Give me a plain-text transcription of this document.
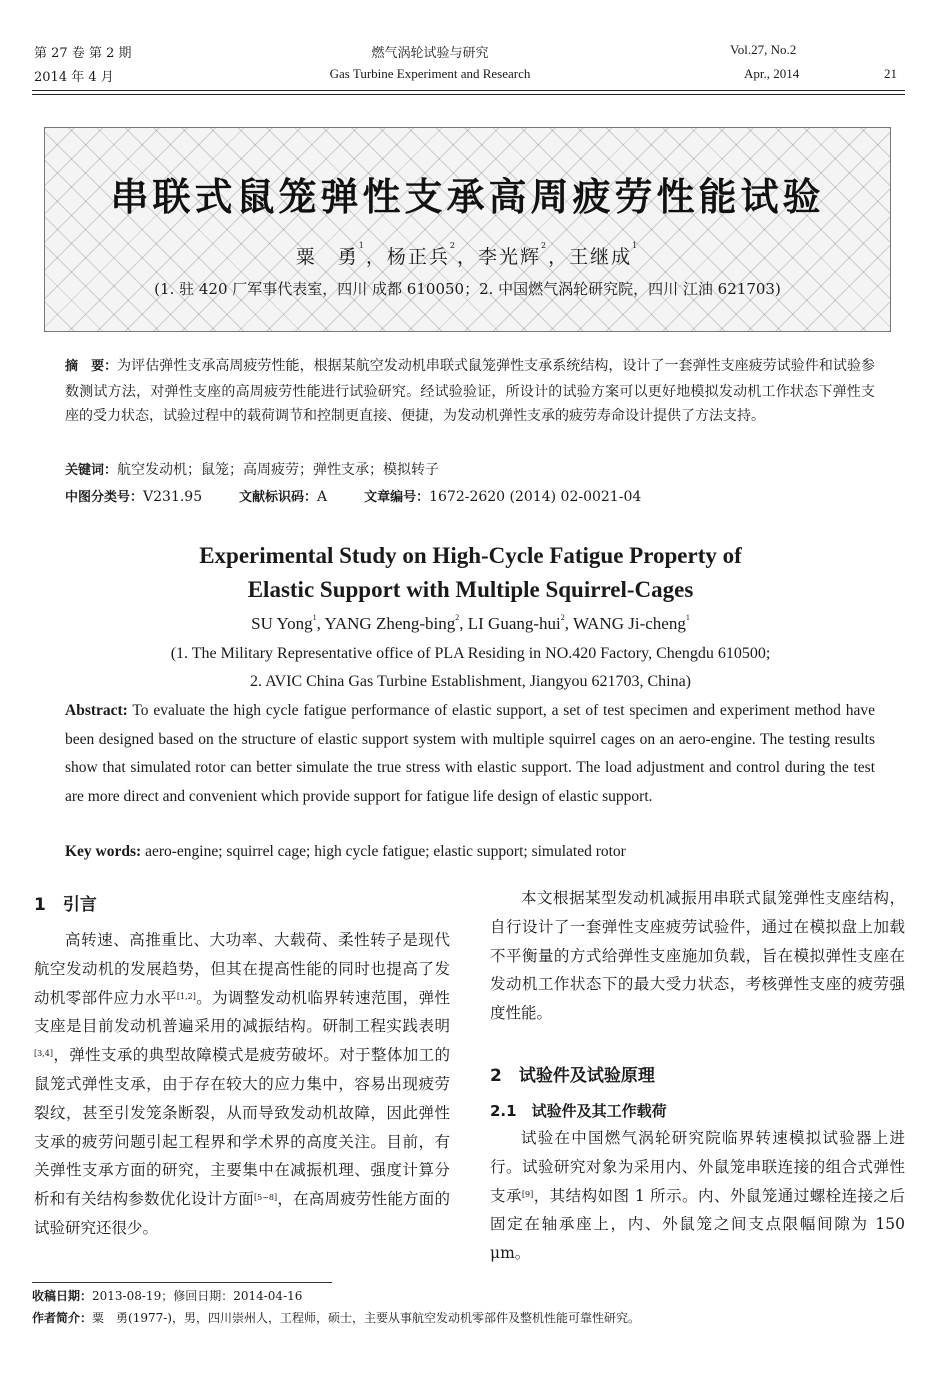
第 27 卷 第 2 期
2014 年 4 月
燃气涡轮试验与研究
Gas Turbine Experiment and Research
Vol.27, No.2
Apr., 2014	21
串联式鼠笼弹性支承高周疲劳性能试验
粟　勇$^1$，杨正兵$^2$，李光辉$^2$，王继成$^1$
(1. 驻 420 厂军事代表室，四川 成都 610050；2. 中国燃气涡轮研究院，四川 江油 621703)
摘　要：为评估弹性支承高周疲劳性能，根据某航空发动机串联式鼠笼弹性支承系统结构，设计了一套弹性支座疲劳试验件和试验参数测试方法，对弹性支座的高周疲劳性能进行试验研究。经试验验证，所设计的试验方案可以更好地模拟发动机工作状态下弹性支座的受力状态，试验过程中的载荷调节和控制更直接、便捷，为发动机弹性支承的疲劳寿命设计提供了方法支持。
关键词：航空发动机；鼠笼；高周疲劳；弹性支承；模拟转子
中图分类号：V231.95	文献标识码：A	文章编号：1672-2620 (2014) 02-0021-04
Experimental Study on High-Cycle Fatigue Property of
Elastic Support with Multiple Squirrel-Cages
SU Yong$^1$, YANG Zheng-bing$^2$, LI Guang-hui$^2$, WANG Ji-cheng$^1$
(1. The Military Representative office of PLA Residing in NO.420 Factory, Chengdu 610500;
2. AVIC China Gas Turbine Establishment, Jiangyou 621703, China)
Abstract: To evaluate the high cycle fatigue performance of elastic support, a set of test specimen and experiment method have been designed based on the structure of elastic support system with multiple squirrel cages on an aero-engine. The testing results show that simulated rotor can better simulate the true stress with elastic support. The load adjustment and control during the test are more direct and convenient which provide support for fatigue life design of elastic support.
Key words: aero-engine; squirrel cage; high cycle fatigue; elastic support; simulated rotor
1　引言

高转速、高推重比、大功率、大载荷、柔性转子是现代航空发动机的发展趋势，但其在提高性能的同时也提高了发动机零部件应力水平[1,2]。为调整发动机临界转速范围，弹性支座是目前发动机普遍采用的减振结构。研制工程实践表明[3,4]，弹性支承的典型故障模式是疲劳破坏。对于整体加工的鼠笼式弹性支承，由于存在较大的应力集中，容易出现疲劳裂纹，甚至引发笼条断裂，从而导致发动机故障，因此弹性支承的疲劳问题引起工程界和学术界的高度关注。目前，有关弹性支承方面的研究，主要集中在减振机理、强度计算分析和有关结构参数优化设计方面[5~8]，在高周疲劳性能方面的试验研究还很少。

本文根据某型发动机减振用串联式鼠笼弹性支座结构，自行设计了一套弹性支座疲劳试验件，通过在模拟盘上加载不平衡量的方式给弹性支座施加负载，旨在模拟弹性支座在发动机工作状态下的最大受力状态，考核弹性支座的疲劳强度性能。

2　试验件及试验原理
2.1　试验件及其工作载荷

试验在中国燃气涡轮研究院临界转速模拟试验器上进行。试验研究对象为采用内、外鼠笼串联连接的组合式弹性支承[9]，其结构如图 1 所示。内、外鼠笼通过螺栓连接之后固定在轴承座上，内、外鼠笼之间支点限幅间隙为 150 μm。

收稿日期：2013-08-19；修回日期：2014-04-16
作者简介：粟　勇(1977-)，男，四川崇州人，工程师，硕士，主要从事航空发动机零部件及整机性能可靠性研究。
